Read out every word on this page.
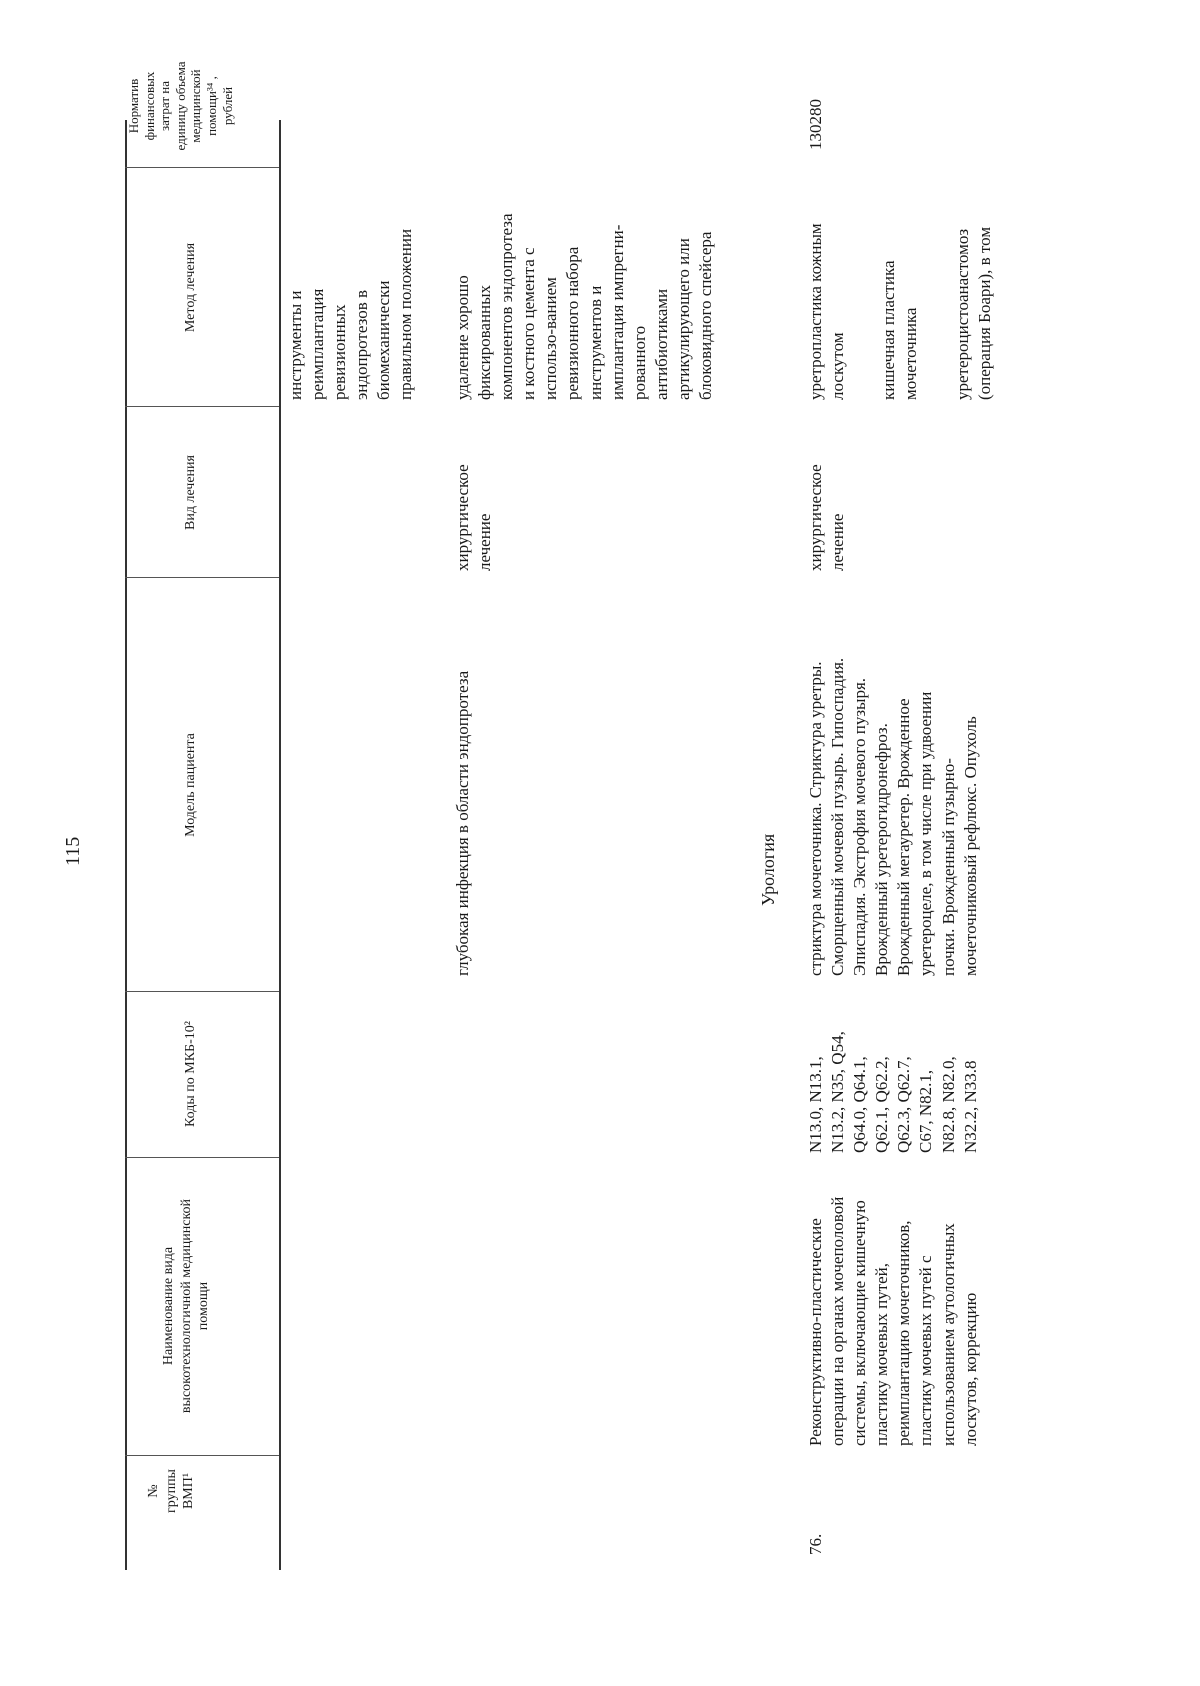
115
№ группы ВМП¹
Наименование вида высокотехнологичной медицинской помощи
Коды по МКБ-10²
Модель пациента
Вид лечения
Метод лечения
Норматив финансовых затрат на единицу объема медицинской помощи³⁴ , рублей

инструменты и реимплантация ревизионных эндопротезов в биомеханически правильном положении

глубокая инфекция в области эндопротеза

хирургическое лечение

удаление хорошо фиксированных компонентов эндопротеза и костного цемента с использо-ванием ревизионного набора инструментов и имплантация импрегни- рованного антибиотиками артикулирующего или блоковидного спейсера

Урология
76.

Реконструктивно-пластические операции на органах мочеполовой системы, включающие кишечную пластику мочевых путей, реимплантацию мочеточников, пластику мочевых путей с использованием аутологичных лоскутов, коррекцию

N13.0, N13.1, N13.2, N35, Q54, Q64.0, Q64.1, Q62.1, Q62.2, Q62.3, Q62.7, C67, N82.1, N82.8, N82.0, N32.2, N33.8

стриктура мочеточника. Стриктура уретры. Сморщенный мочевой пузырь. Гипоспадия. Эписпадия. Экстрофия мочевого пузыря. Врожденный уретерогидронефроз. Врожденный мегауретер. Врожденное уретероцеле, в том числе при удвоении почки. Врожденный пузырно- мочеточниковый рефлюкс. Опухоль

хирургическое лечение

уретропластика кожным лоскутом кишечная пластика мочеточника уретероцистоанастомоз (операция Боари), в том

130280
